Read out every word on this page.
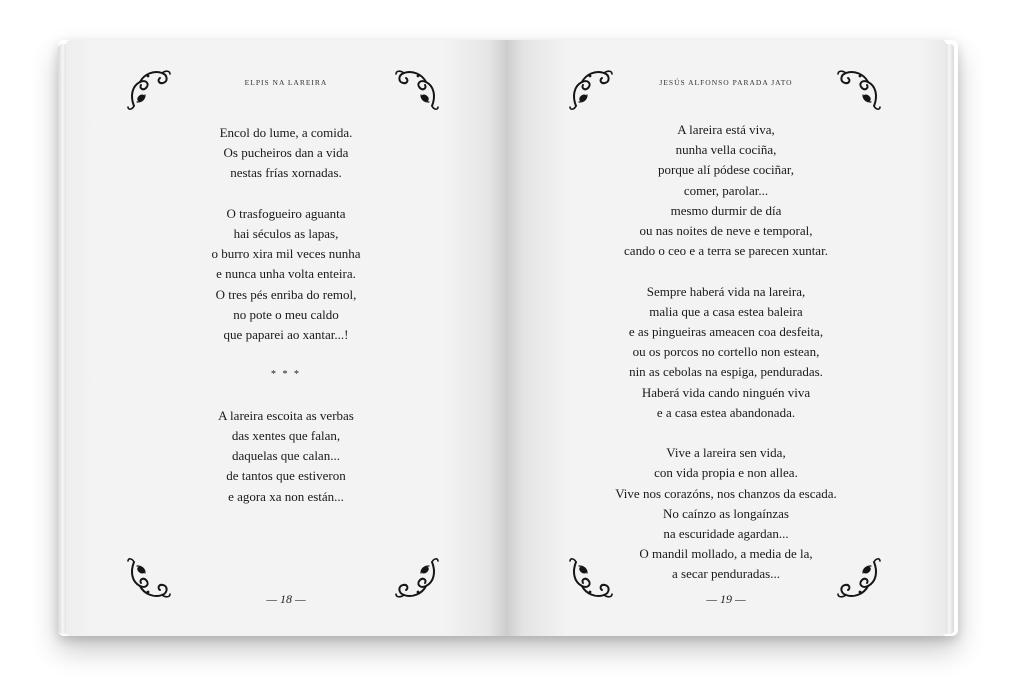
ELPIS NA LAREIRA
Encol do lume, a comida.
Os pucheiros dan a vida
nestas frías xornadas.
O trasfogueiro aguanta
hai séculos as lapas,
o burro xira mil veces nunha
e nunca unha volta enteira.
O tres pés enriba do remol,
no pote o meu caldo
que paparei ao xantar...!
* * *
A lareira escoita as verbas
das xentes que falan,
daquelas que calan...
de tantos que estiveron
e agora xa non están...
— 18 —
JESÚS ALFONSO PARADA JATO
A lareira está viva,
nunha vella cociña,
porque alí pódese cociñar,
comer, parolar...
mesmo durmir de día
ou nas noites de neve e temporal,
cando o ceo e a terra se parecen xuntar.
Sempre haberá vida na lareira,
malia que a casa estea baleira
e as pingueiras ameacen coa desfeita,
ou os porcos no cortello non estean,
nin as cebolas na espiga, penduradas.
Haberá vida cando ninguén viva
e a casa estea abandonada.
Vive a lareira sen vida,
con vida propia e non allea.
Vive nos corazóns, nos chanzos da escada.
No caínzo as longaínzas
na escuridade agardan...
O mandil mollado, a media de la,
a secar penduradas...
— 19 —
